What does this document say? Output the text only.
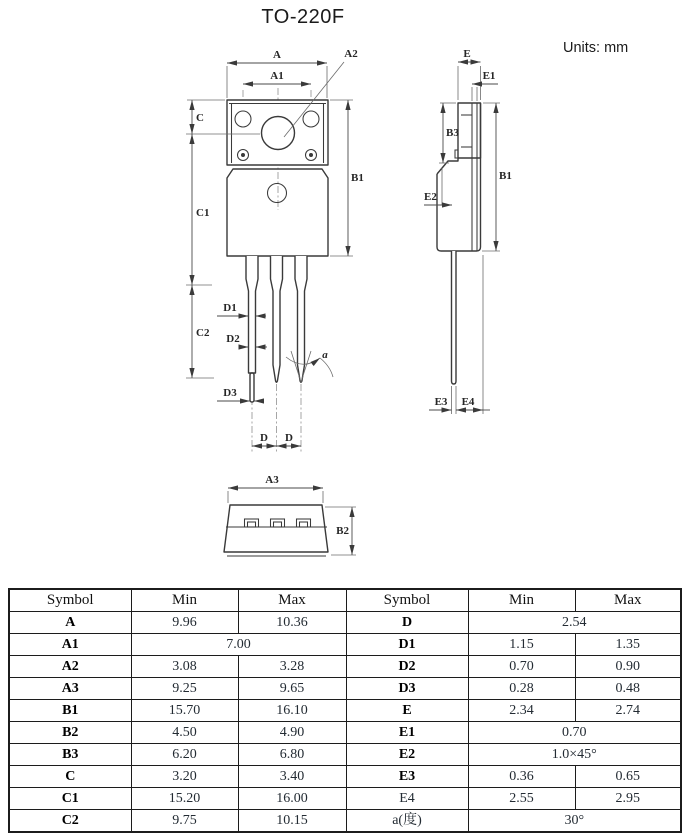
TO-220F
Units: mm
A
A1
A2
B1
C
C1
C2
D1
D2
D3
a
D D
E
E1
B3
B1
E2
E3 E4
A3
B2
Symbol	Min	Max	Symbol	Min	Max
A	9.96	10.36	D	2.54	
A1	7.00		D1	1.15	1.35
A2	3.08	3.28	D2	0.70	0.90
A3	9.25	9.65	D3	0.28	0.48
B1	15.70	16.10	E	2.34	2.74
B2	4.50	4.90	E1	0.70	
B3	6.20	6.80	E2	1.0×45°	
C	3.20	3.40	E3	0.36	0.65
C1	15.20	16.00	E4	2.55	2.95
C2	9.75	10.15	a(度)	30°	
